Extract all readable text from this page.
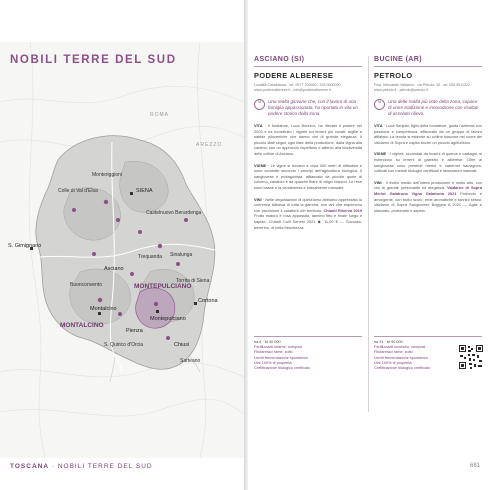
NOBILI TERRE DEL SUD
S. Gimignano
MONTEPULCIANO
MONTALCINO
SIENA
AREZZO
Cortona
Pienza
Chiusi
Montepulciano
Asciano
Montalcino
Castelnuovo Berardenga
Monteriggioni
Colle di Val d'Elsa
Sinalunga
Torrita di Siena
Sarteano
S. Quirico d'Orcia
Buonconvento
Trequanda
ROMA
ASCIANO (SI)
PODERE ALBERESE
Località Casabianca - tel. 0577 700000 - 333 0000000 · www.poderealberese.it - info@poderealberese.it
❝	Una realtà giovane che, con il lavoro di una famiglia appassionata, ha riportato in vita un podere storico della zona.
VITA · Il fondatore, Luca Bonucci, ha rilevato il podere nel 2003 e ha ricostituito i vigneti sui terreni più vocati: argille e sabbie plioceniche che danno vini di grande eleganza. Il piccolo staff segue ogni fase della produzione, dalla vigna alla cantina, con un approccio rispettoso e attento alla biodiversità delle colline di Asciano.
VIGNE · Le vigne si trovano a circa 300 metri di altitudine e sono condotte secondo i principi dell'agricoltura biologica. Il sangiovese è protagonista, affiancato da piccole quote di colorino, canaiolo e da qualche filare di vitigni bianchi. Le rese sono basse e la vendemmia è interamente manuale.
VINI · Nelle degustazioni di quest'anno abbiamo apprezzato la coerenza stilistica di tutta la gamma, con vini che esprimono con precisione il carattere del territorio. Chianti Riserva 2019 Frutto maturo e rosa appassita, tannino fitto e finale lungo e sapido. Chianti Colli Senesi 2021 ◆ 11,00 € — Succoso, beverino, di bella freschezza.
BUCINE (AR)
PETROLO
Fraz. Mercatale Valdarno · via Petrolo, 30 - tel. 055 9911322 · www.petrolo.it - petrolo@petrolo.it
❝	Una delle realtà più note della zona, capace di unire tradizione e innovazione con risultati di assoluto rilievo.
VITA · Luca Sanjust, figlio della fondatrice, guida l'azienda con passione e competenza, affiancato da un gruppo di lavoro affiatato. La tenuta si estende su colline boscose nel cuore del Valdarno di Sopra e ospita anche un piccolo agriturismo.
VIGNE · I vigneti, circondati da boschi di querce e castagni, si estendono su terreni di galestro e alberese. Oltre al sangiovese sono presenti merlot e cabernet sauvignon, coltivati con metodi biologici certificati e lavorazioni manuali.
VINI · Il livello medio dell'intera produzione è molto alto, con vini di grande personalità ed eleganza. Valdarno di Sopra Merlot Galatrona Vigna Galatrona 2021 Profondo e avvolgente, con frutto scuro, erbe aromatiche e tannini setosi. Valdarno di Sopra Sangiovese Bòggina A 2021 — Agile e slanciato, profumato e sapido.
ha 6 · bt 30.000
Fertilizzanti letame, compost
Fitofarmaci rame, zolfo
Lieviti fermentazione spontanea
Uve 100% di proprietà
Certificazione biologico certificato
ha 31 · bt 90.000
Fertilizzanti sovescio, compost
Fitofarmaci rame, zolfo
Lieviti fermentazione spontanea
Uve 100% di proprietà
Certificazione biologico certificato
TOSCANA · NOBILI TERRE DEL SUD	681
